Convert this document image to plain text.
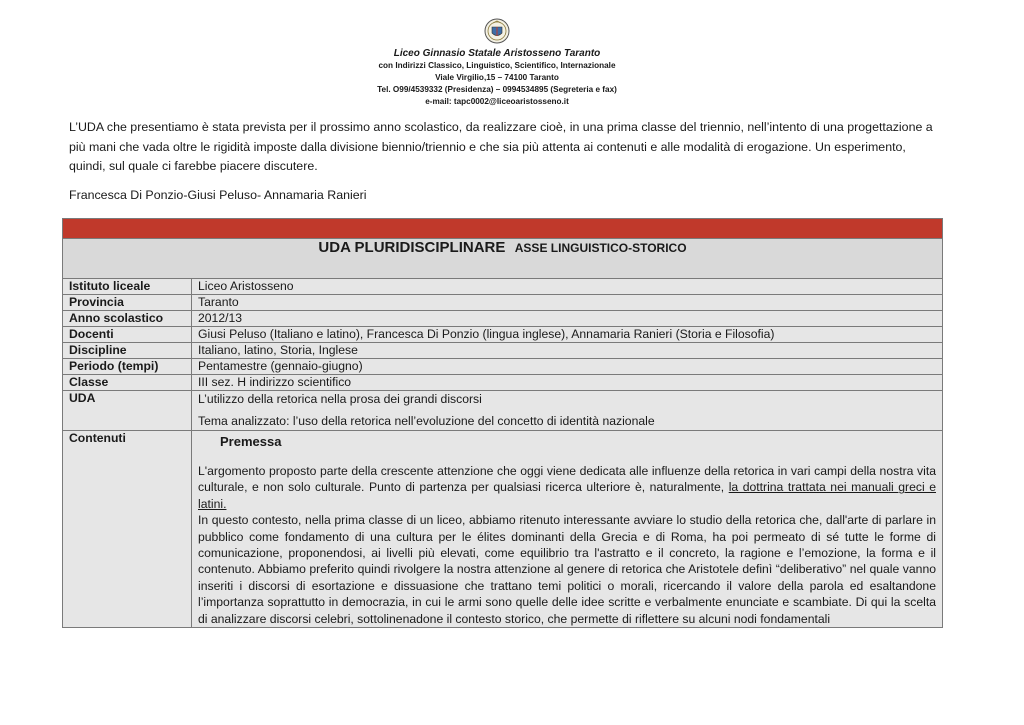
Liceo Ginnasio Statale Aristosseno Taranto
con Indirizzi Classico, Linguistico, Scientifico, Internazionale
Viale Virgilio,15 – 74100 Taranto
Tel. O99/4539332 (Presidenza) – 0994534895 (Segreteria e fax)
e-mail: tapc0002@liceoaristosseno.it
L’UDA che presentiamo è stata prevista per il prossimo anno scolastico, da realizzare cioè, in una prima classe del triennio, nell’intento di una progettazione a più mani che vada oltre le rigidità imposte dalla divisione biennio/triennio e che sia più attenta ai contenuti e alle modalità di erogazione. Un esperimento, quindi, sul quale ci farebbe piacere discutere.
Francesca Di Ponzio-Giusi Peluso- Annamaria Ranieri

UDA PLURIDISCIPLINARE ASSE LINGUISTICO-STORICO	
Istituto liceale	Liceo Aristosseno
Provincia	Taranto
Anno scolastico	2012/13
Docenti	Giusi Peluso (Italiano e latino), Francesca Di Ponzio (lingua inglese), Annamaria Ranieri (Storia e Filosofia)
Discipline	Italiano, latino, Storia, Inglese
Periodo (tempi)	Pentamestre (gennaio-giugno)
Classe	III sez. H indirizzo scientifico
UDA	L’utilizzo della retorica nella prosa dei grandi discorsi
Tema analizzato: l’uso della retorica nell’evoluzione del concetto di identità nazionale

Contenuti	Premessa
L'argomento proposto parte della crescente attenzione che oggi viene dedicata alle influenze della retorica in vari campi della nostra vita culturale, e non solo culturale. Punto di partenza per qualsiasi ricerca ulteriore è, naturalmente, la dottrina trattata nei manuali greci e latini.
In questo contesto, nella prima classe di un liceo, abbiamo ritenuto interessante avviare lo studio della retorica che, dall'arte di parlare in pubblico come fondamento di una cultura per le élites dominanti della Grecia e di Roma, ha poi permeato di sé tutte le forme di comunicazione, proponendosi, ai livelli più elevati, come equilibrio tra l'astratto e il concreto, la ragione e l’emozione, la forma e il contenuto. Abbiamo preferito quindi rivolgere la nostra attenzione al genere di retorica che Aristotele definì “deliberativo” nel quale vanno inseriti i discorsi di esortazione e dissuasione che trattano temi politici o morali, ricercando il valore della parola ed esaltandone l’importanza soprattutto in democrazia, in cui le armi sono quelle delle idee scritte e verbalmente enunciate e scambiate. Di qui la scelta di analizzare discorsi celebri, sottolinenadone il contesto storico, che permette di riflettere su alcuni nodi fondamentali
